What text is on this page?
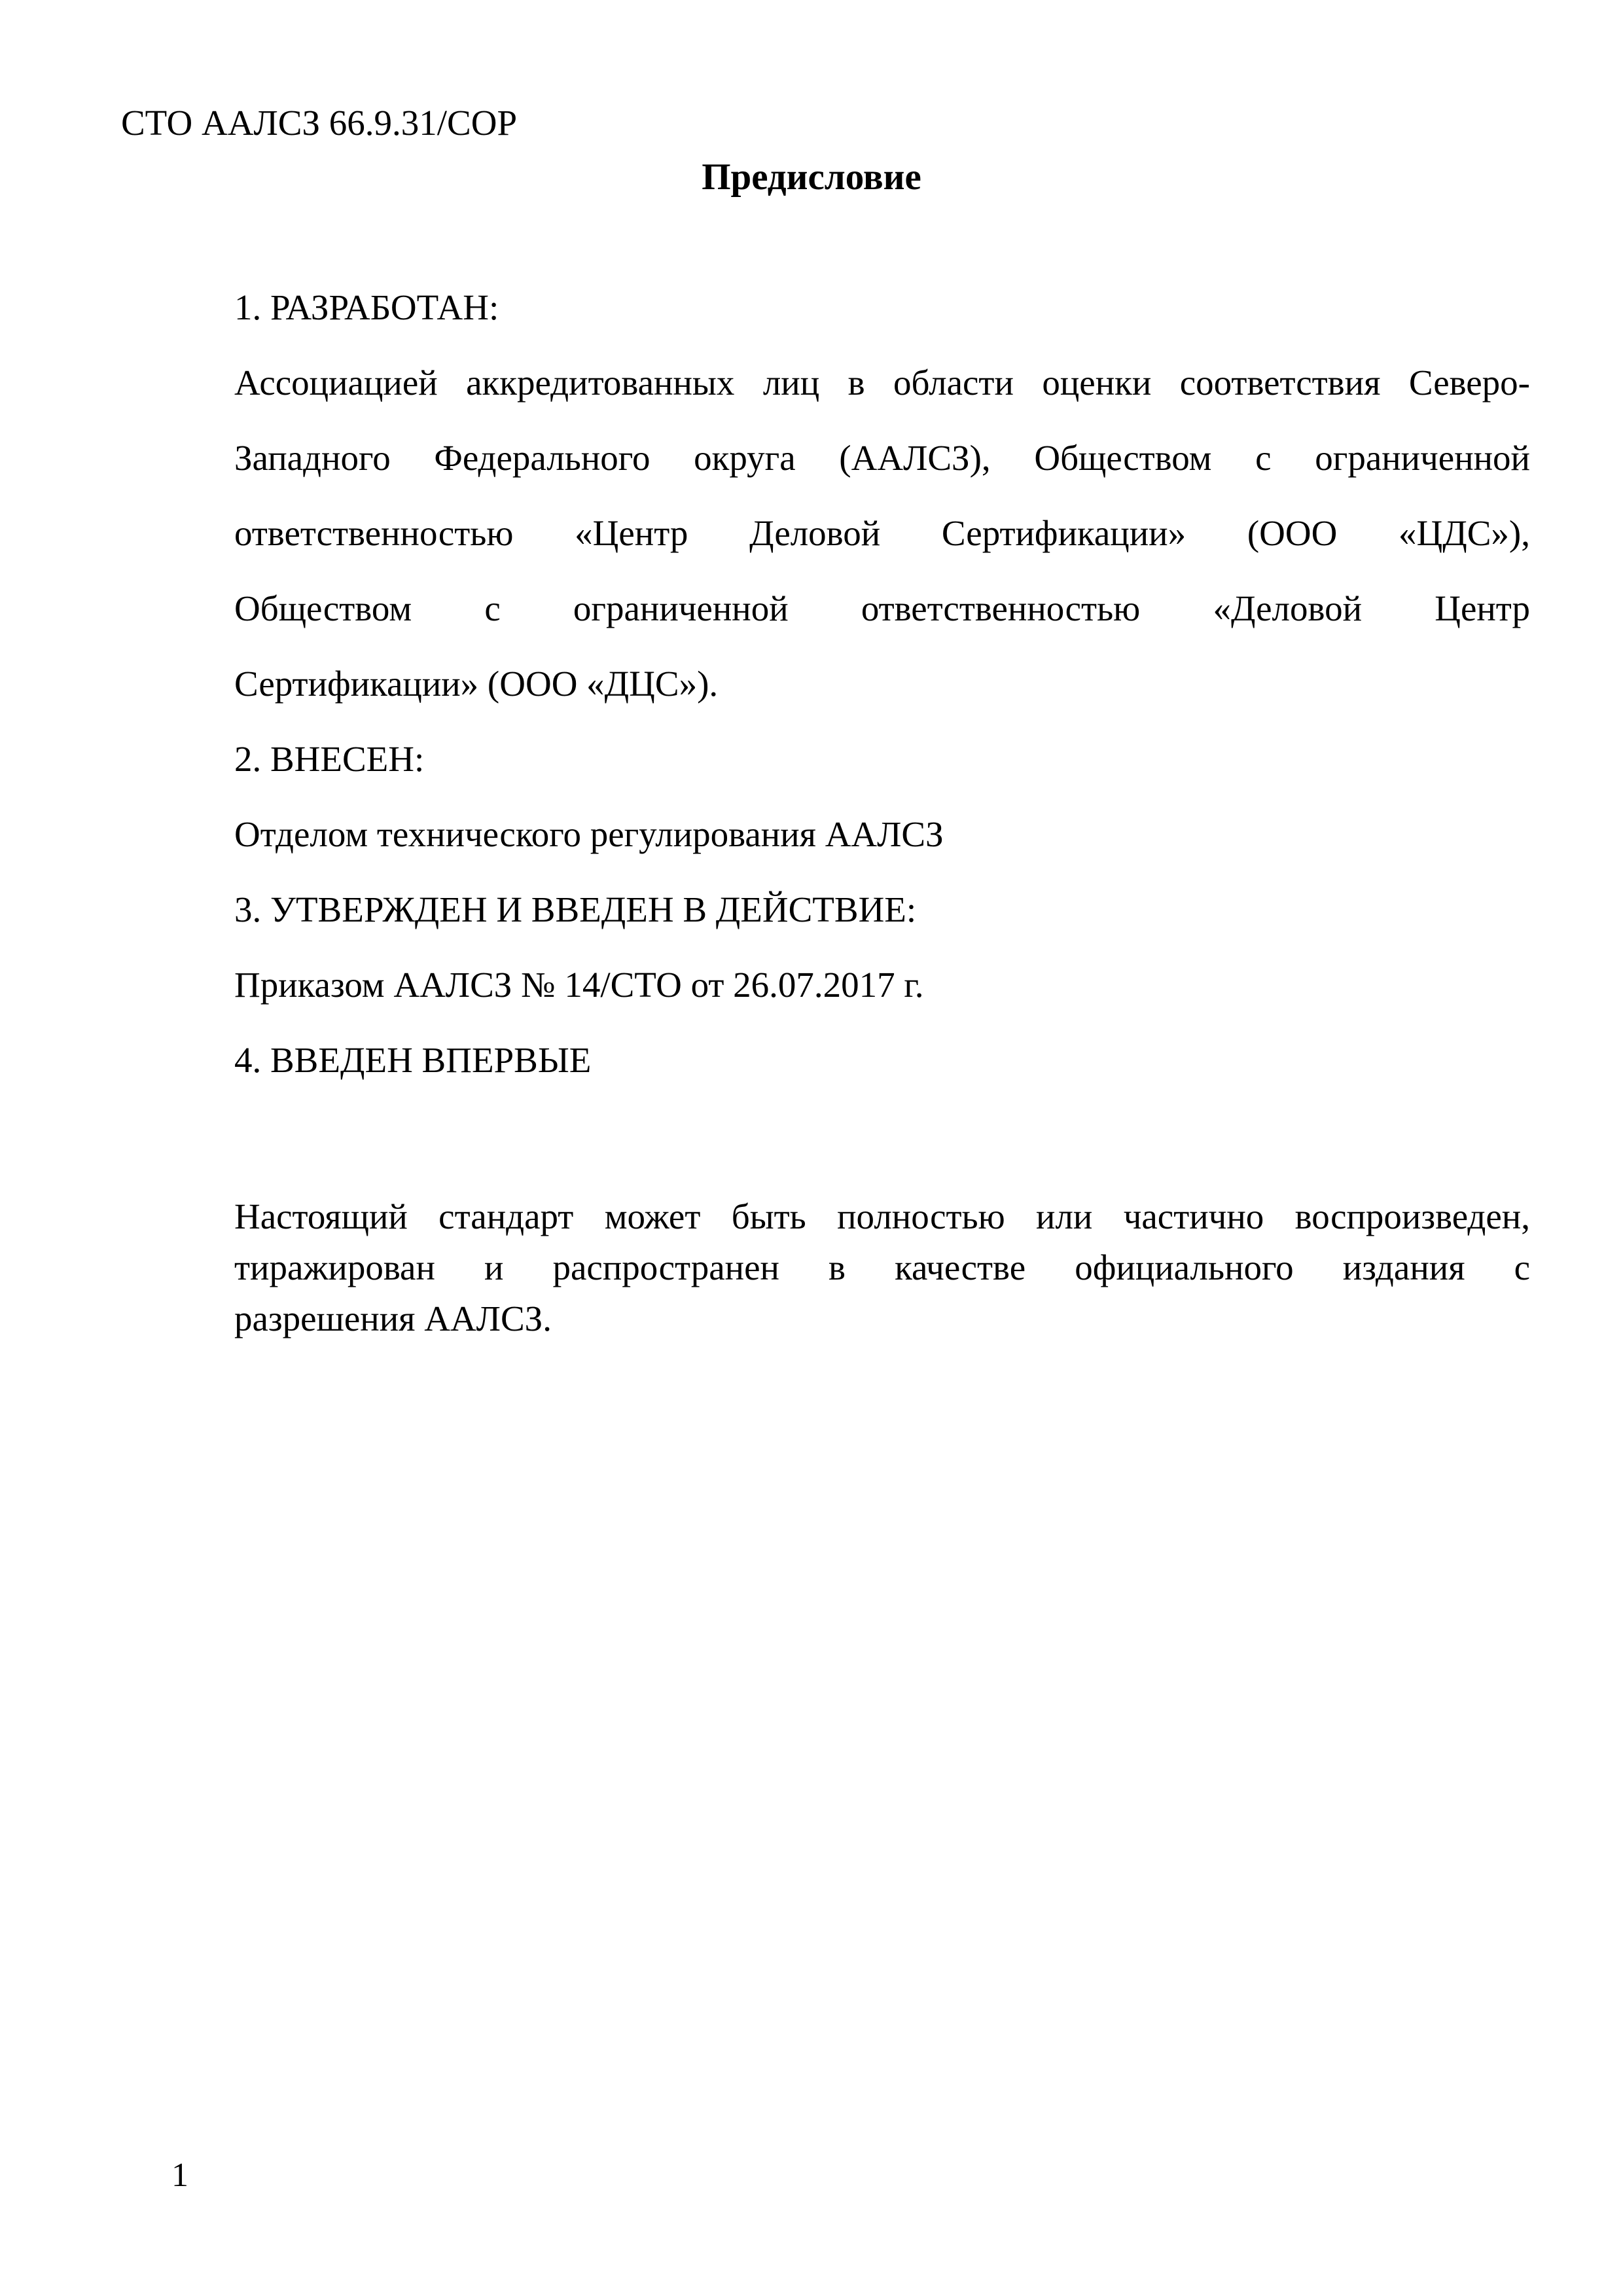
СТО ААЛСЗ 66.9.31/СОР
Предисловие
1. РАЗРАБОТАН:
Ассоциацией аккредитованных лиц в области оценки соответствия Северо-
Западного Федерального округа (ААЛСЗ), Обществом с ограниченной
ответственностью «Центр Деловой Сертификации» (ООО «ЦДС»),
Обществом с ограниченной ответственностью «Деловой Центр
Сертификации» (ООО «ДЦС»).
2. ВНЕСЕН:
Отделом технического регулирования ААЛСЗ
3. УТВЕРЖДЕН И ВВЕДЕН В ДЕЙСТВИЕ:
Приказом ААЛСЗ № 14/СТО от 26.07.2017 г.
4. ВВЕДЕН ВПЕРВЫЕ
Настоящий стандарт может быть полностью или частично воспроизведен,
тиражирован и распространен в качестве официального издания с
разрешения ААЛСЗ.
1
